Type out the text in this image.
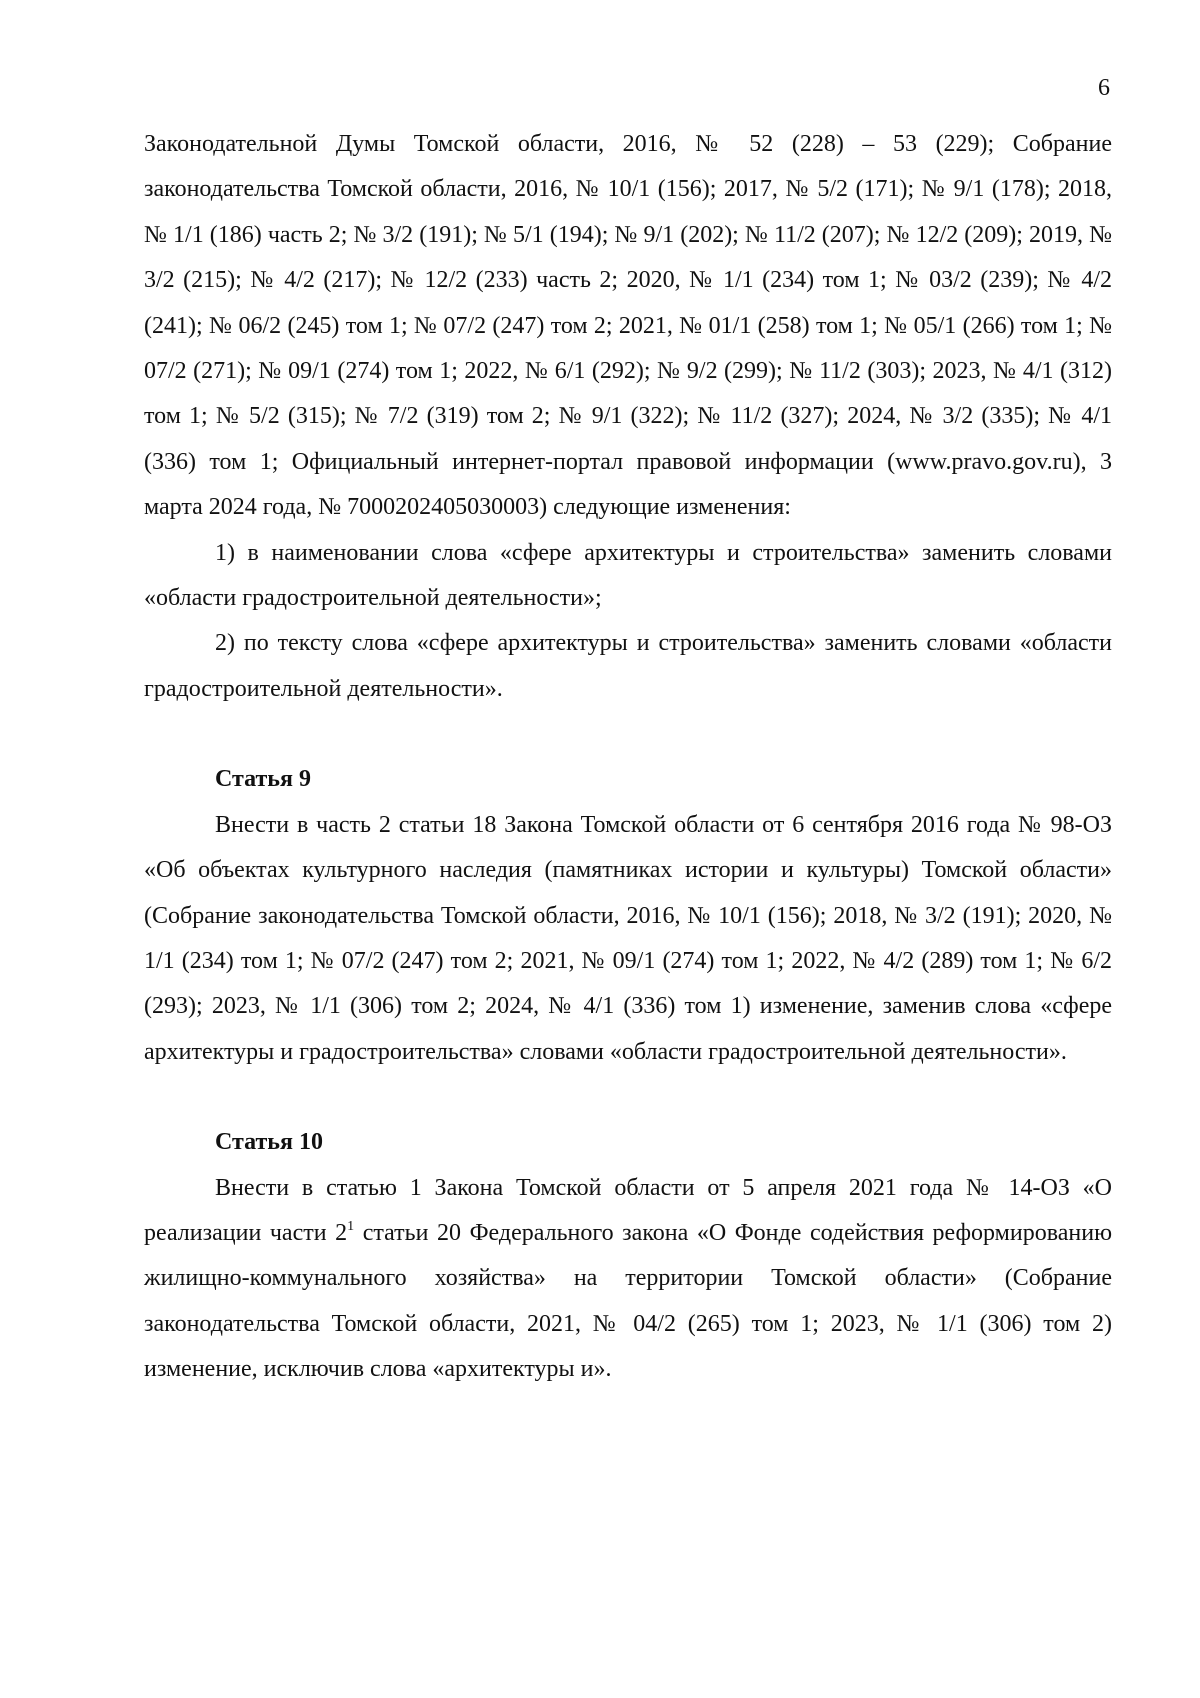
6

Законодательной Думы Томской области, 2016, № 52 (228) – 53 (229); Собрание законодательства Томской области, 2016, № 10/1 (156); 2017, № 5/2 (171); № 9/1 (178); 2018, № 1/1 (186) часть 2; № 3/2 (191); № 5/1 (194); № 9/1 (202); № 11/2 (207); № 12/2 (209); 2019, № 3/2 (215); № 4/2 (217); № 12/2 (233) часть 2; 2020, № 1/1 (234) том 1; № 03/2 (239); № 4/2 (241); № 06/2 (245) том 1; № 07/2 (247) том 2; 2021, № 01/1 (258) том 1; № 05/1 (266) том 1; № 07/2 (271); № 09/1 (274) том 1; 2022, № 6/1 (292); № 9/2 (299); № 11/2 (303); 2023, № 4/1 (312) том 1; № 5/2 (315); № 7/2 (319) том 2; № 9/1 (322); № 11/2 (327); 2024, № 3/2 (335); № 4/1 (336) том 1; Официальный интернет-портал правовой информации (www.pravo.gov.ru), 3 марта 2024 года, № 7000202405030003) следующие изменения:

1) в наименовании слова «сфере архитектуры и строительства» заменить словами «области градостроительной деятельности»;

2) по тексту слова «сфере архитектуры и строительства» заменить словами «области градостроительной деятельности».

Статья 9

Внести в часть 2 статьи 18 Закона Томской области от 6 сентября 2016 года № 98-ОЗ «Об объектах культурного наследия (памятниках истории и культуры) Томской области» (Собрание законодательства Томской области, 2016, № 10/1 (156); 2018, № 3/2 (191); 2020, № 1/1 (234) том 1; № 07/2 (247) том 2; 2021, № 09/1 (274) том 1; 2022, № 4/2 (289) том 1; № 6/2 (293); 2023, № 1/1 (306) том 2; 2024, № 4/1 (336) том 1) изменение, заменив слова «сфере архитектуры и градостроительства» словами «области градостроительной деятельности».

Статья 10

Внести в статью 1 Закона Томской области от 5 апреля 2021 года № 14-ОЗ «О реализации части $2^1$ статьи 20 Федерального закона «О Фонде содействия реформированию жилищно-коммунального хозяйства» на территории Томской области» (Собрание законодательства Томской области, 2021, № 04/2 (265) том 1; 2023, № 1/1 (306) том 2) изменение, исключив слова «архитектуры и».
